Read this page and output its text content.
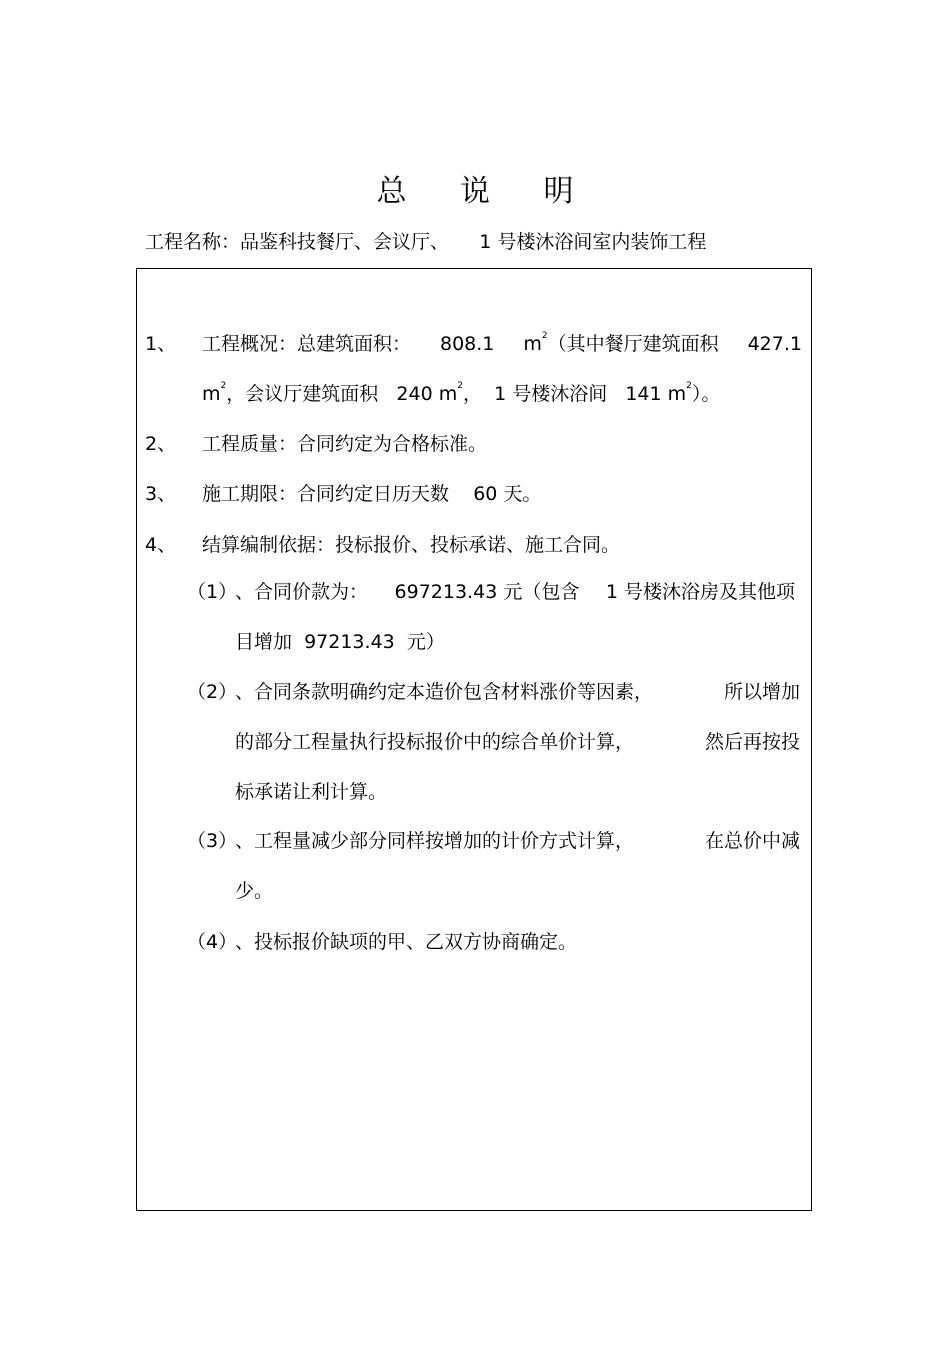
总 说 明
工程名称：品鉴科技餐厅、会议厅、 1 号楼沐浴间室内装饰工程
1、 工程概况：总建筑面积： 808.1 $m^2$（其中餐厅建筑面积 427.1
$m^2$，会议厅建筑面积 240 $m^2$， 1 号楼沐浴间 141 $m^2$）。
2、 工程质量：合同约定为合格标准。
3、 施工期限：合同约定日历天数 60 天。
4、 结算编制依据：投标报价、投标承诺、施工合同。
（1）
、合同价款为： 697213.43 元（包含 1 号楼沐浴房及其他项
目增加  97213.43  元）
（2）
、合同条款明确约定本造价包含材料涨价等因素，	所以增加
的部分工程量执行投标报价中的综合单价计算，	然后再按投
标承诺让利计算。
（3）
、工程量减少部分同样按增加的计价方式计算，	在总价中减
少。
（4）
、投标报价缺项的甲、乙双方协商确定。
